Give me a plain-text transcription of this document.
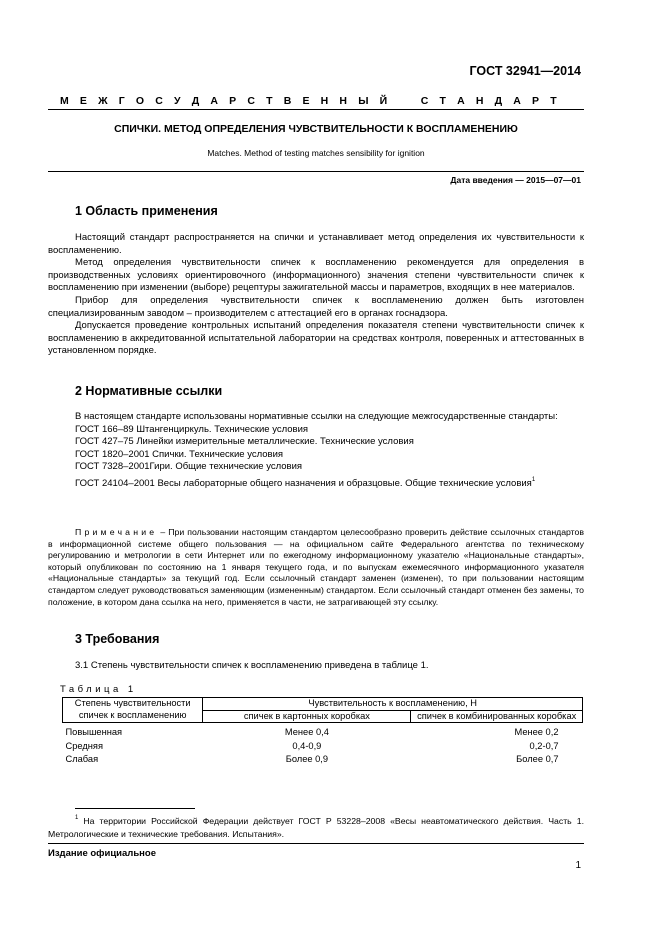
ГОСТ 32941—2014
М Е Ж Г О С У Д А Р С Т В Е Н Н Ы Й	С Т А Н Д А Р Т
СПИЧКИ. МЕТОД ОПРЕДЕЛЕНИЯ ЧУВСТВИТЕЛЬНОСТИ К ВОСПЛАМЕНЕНИЮ
Matches. Method of testing matches sensibility for ignition
Дата введения — 2015—07—01
1 Область применения

Настоящий стандарт распространяется на спички и устанавливает метод определения их чувствительности к воспламенению.

Метод определения чувствительности спичек к воспламенению рекомендуется для определения в производственных условиях ориентировочного (информационного) значения степени чувствительности спичек к воспламенению при изменении (выборе) рецептуры зажигательной массы и параметров, входящих в нее материалов.

Прибор для определения чувствительности спичек к воспламенению должен быть изготовлен специализированным заводом – производителем с аттестацией его в органах госнадзора.

Допускается проведение контрольных испытаний определения показателя степени чувствительности спичек к воспламенению в аккредитованной испытательной лаборатории на средствах контроля, поверенных и аттестованных в установленном порядке.

2 Нормативные ссылки

В настоящем стандарте использованы нормативные ссылки на следующие межгосударственные стандарты:

ГОСТ 166–89 Штангенциркуль. Технические условия

ГОСТ 427–75 Линейки измерительные металлические. Технические условия

ГОСТ 1820–2001 Спички. Технические условия

ГОСТ 7328–2001Гири. Общие технические условия

ГОСТ 24104–2001 Весы лабораторные общего назначения и образцовые. Общие технические условия$^1$

Примечание – При пользовании настоящим стандартом целесообразно проверить действие ссылочных стандартов в информационной системе общего пользования — на официальном сайте Федерального агентства по техническому регулированию и метрологии в сети Интернет или по ежегодному информационному указателю «Национальные стандарты», который опубликован по состоянию на 1 января текущего года, и по выпускам ежемесячного информационного указателя «Национальные стандарты» за текущий год. Если ссылочный стандарт заменен (изменен), то при пользовании настоящим стандартом следует руководствоваться заменяющим (измененным) стандартом. Если ссылочный стандарт отменен без замены, то положение, в котором дана ссылка на него, применяется в части, не затрагивающей эту ссылку.
3 Требования

3.1 Степень чувствительности спичек к воспламенению приведена в таблице 1.

Таблица 1
Степень чувствительности спичек к воспламенению	Чувствительность к воспламенению, Н	
	спичек в картонных коробках	спичек в комбинированных коробках
Повышенная	Менее 0,4	Менее 0,2
Средняя	0,4-0,9	0,2-0,7
Слабая	Более 0,9	Более 0,7
$^1$ На территории Российской Федерации действует ГОСТ Р 53228–2008 «Весы неавтоматического действия. Часть 1. Метрологические и технические требования. Испытания».
Издание официальное
1
